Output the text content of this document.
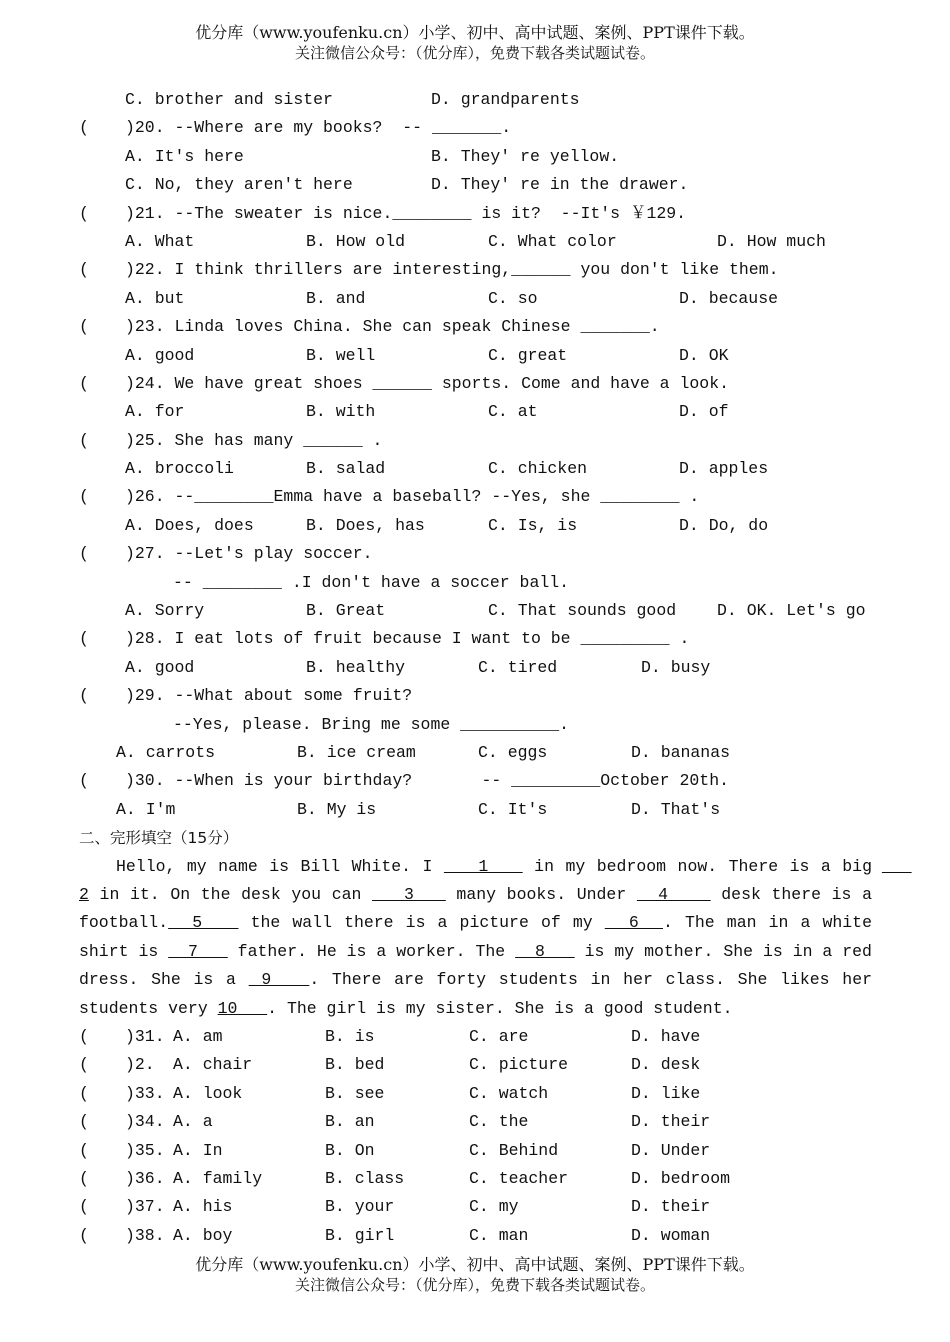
优分库（www.youfenku.cn）小学、初中、高中试题、案例、PPT课件下载。
关注微信公众号：（优分库），免费下载各类试题试卷。
C. brother and sister	D. grandparents
( )20. --Where are my books?  -- _______.
A. It's here	B. They' re yellow.
C. No, they aren't here	D. They' re in the drawer.
( )21. --The sweater is nice.________ is it?  --It's ￥129.
A. What	B. How old	C. What color	D. How much
( )22. I think thrillers are interesting,______ you don't like them.
A. but	B. and	C. so	D. because
( )23. Linda loves China. She can speak Chinese _______.
A. good	B. well	C. great	D. OK
( )24. We have great shoes ______ sports. Come and have a look.
A. for	B. with	C. at	D. of
( )25. She has many ______ .
A. broccoli	B. salad	C. chicken	D. apples
( )26. --________Emma have a baseball? --Yes, she ________ .
A. Does, does	B. Does, has	C. Is, is	D. Do, do
( )27. --Let's play soccer.
-- ________ .I don't have a soccer ball.
A. Sorry	B. Great	C. That sounds good D. OK. Let's go
( )28. I eat lots of fruit because I want to be _________ .
A. good	B. healthy	C. tired	D. busy
( )29. --What about some fruit?
--Yes, please. Bring me some __________.
A. carrots	B. ice cream	C. eggs	D. bananas
( )30. --When is your birthday?       -- _________October 20th.
A. I'm	B. My is	C. It's	D. That's
二、完形填空（15分）
Hello, my name is Bill White. I    1    in my bedroom now. There is a big    2 in it. On the desk you can    3    many books. Under   4     desk there is a football.  5    the wall there is a picture of my   6  . The man in a white shirt is   7    father. He is a worker. The   8    is my mother. She is in a red dress. She is a  9   . There are forty students in her class. She likes her students very 10   . The girl is my sister. She is a good student.
( )31. A. am	B. is	C. are	D. have
( )2. A. chair	B. bed	C. picture	D. desk
( )33. A. look	B. see	C. watch	D. like
( )34. A. a	B. an	C. the	D. their
( )35. A. In	B. On	C. Behind	D. Under
( )36. A. family	B. class	C. teacher	D. bedroom
( )37. A. his	B. your	C. my	D. their
( )38. A. boy	B. girl	C. man	D. woman
优分库（www.youfenku.cn）小学、初中、高中试题、案例、PPT课件下载。
关注微信公众号：（优分库），免费下载各类试题试卷。
